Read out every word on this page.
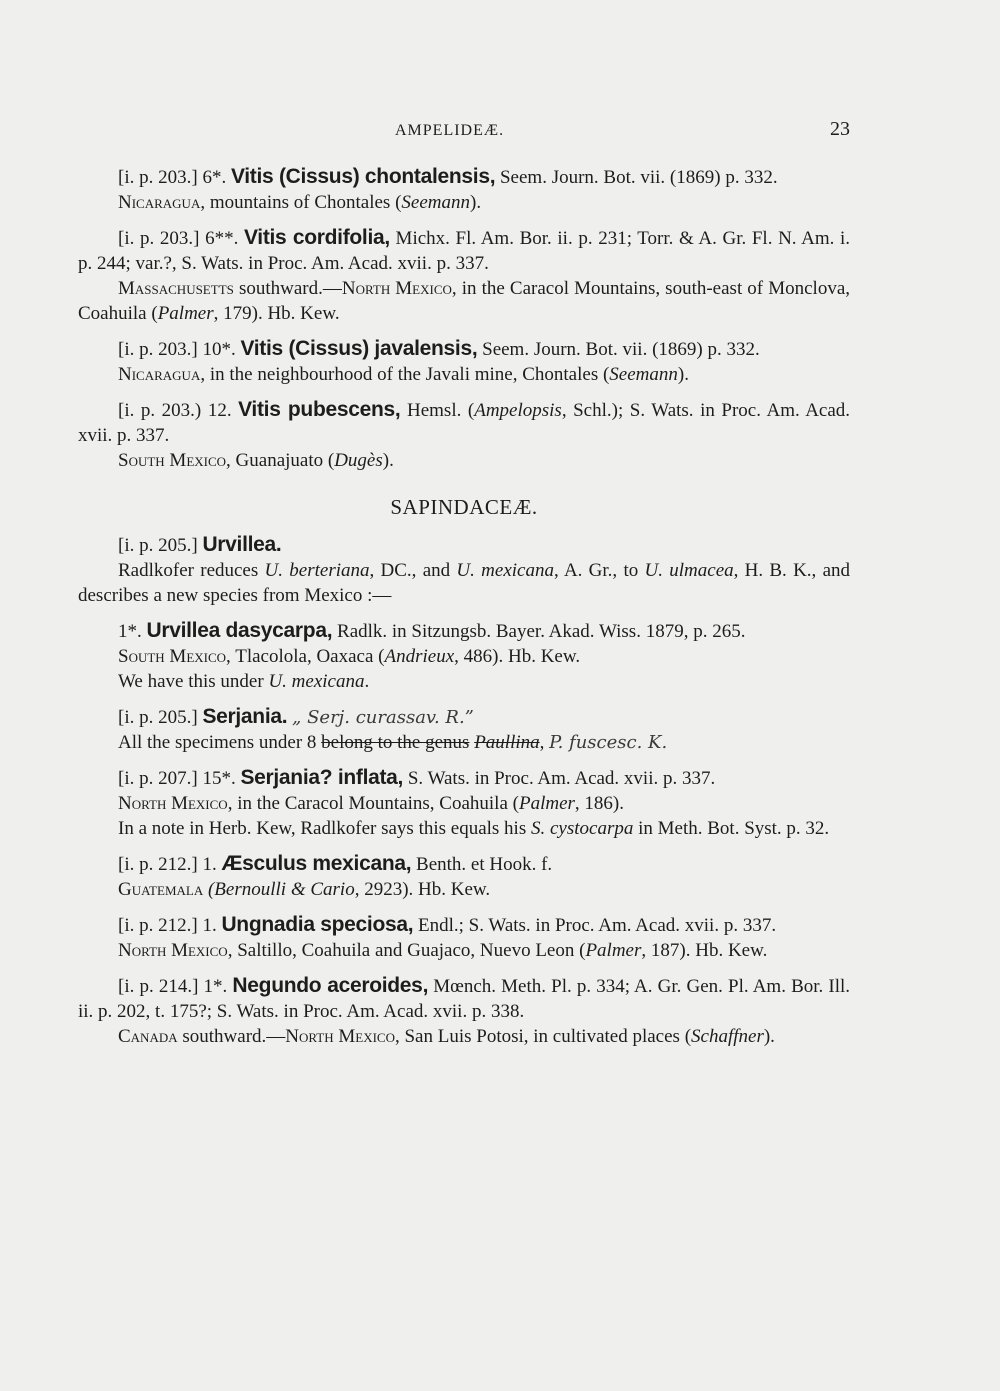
AMPELIDEÆ.	23

[i. p. 203.] 6*. Vitis (Cissus) chontalensis, Seem. Journ. Bot. vii. (1869) p. 332.

Nicaragua, mountains of Chontales (Seemann).

[i. p. 203.] 6**. Vitis cordifolia, Michx. Fl. Am. Bor. ii. p. 231; Torr. & A. Gr. Fl. N. Am. i. p. 244; var.?, S. Wats. in Proc. Am. Acad. xvii. p. 337.

Massachusetts southward.—North Mexico, in the Caracol Mountains, south-east of Monclova, Coahuila (Palmer, 179). Hb. Kew.

[i. p. 203.] 10*. Vitis (Cissus) javalensis, Seem. Journ. Bot. vii. (1869) p. 332.

Nicaragua, in the neighbourhood of the Javali mine, Chontales (Seemann).

[i. p. 203.) 12. Vitis pubescens, Hemsl. (Ampelopsis, Schl.); S. Wats. in Proc. Am. Acad. xvii. p. 337.

South Mexico, Guanajuato (Dugès).

SAPINDACEÆ.

[i. p. 205.] Urvillea.

Radlkofer reduces U. berteriana, DC., and U. mexicana, A. Gr., to U. ulmacea, H. B. K., and describes a new species from Mexico :—

1*. Urvillea dasycarpa, Radlk. in Sitzungsb. Bayer. Akad. Wiss. 1879, p. 265.

South Mexico, Tlacolola, Oaxaca (Andrieux, 486). Hb. Kew.

We have this under U. mexicana.

[i. p. 205.] Serjania. „ Serj. curassav. R.”

All the specimens under 8 belong to the genus Paullina, P. fuscesc. K.

[i. p. 207.] 15*. Serjania? inflata, S. Wats. in Proc. Am. Acad. xvii. p. 337.

North Mexico, in the Caracol Mountains, Coahuila (Palmer, 186).

In a note in Herb. Kew, Radlkofer says this equals his S. cystocarpa in Meth. Bot. Syst. p. 32.

[i. p. 212.] 1. Æsculus mexicana, Benth. et Hook. f.

Guatemala (Bernoulli & Cario, 2923). Hb. Kew.

[i. p. 212.] 1. Ungnadia speciosa, Endl.; S. Wats. in Proc. Am. Acad. xvii. p. 337.

North Mexico, Saltillo, Coahuila and Guajaco, Nuevo Leon (Palmer, 187). Hb. Kew.

[i. p. 214.] 1*. Negundo aceroides, Mœnch. Meth. Pl. p. 334; A. Gr. Gen. Pl. Am. Bor. Ill. ii. p. 202, t. 175?; S. Wats. in Proc. Am. Acad. xvii. p. 338.

Canada southward.—North Mexico, San Luis Potosi, in cultivated places (Schaffner).
